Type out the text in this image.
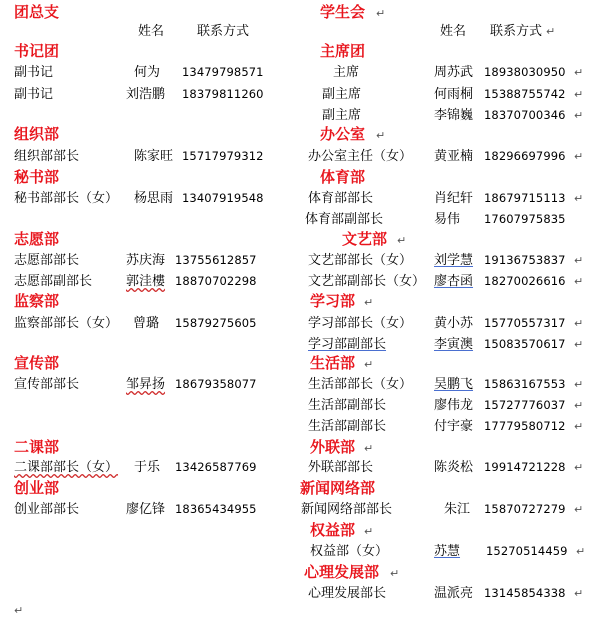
团总支
姓名	联系方式
书记团
副书记	何为 13479798571
副书记	刘浩鹏 18379811260
组织部
组织部部长	陈家旺 15717979312
秘书部
秘书部部长（女） 杨思雨 13407919548
志愿部
志愿部部长	苏庆海 13755612857
志愿部副部长	郭洼樓 18870702298
监察部
监察部部长（女） 曾璐 15879275605
宣传部
宣传部部长	邹昇扬 18679358077
二课部
二课部部长（女） 于乐 13426587769
创业部
创业部部长	廖亿锋 18365434955
学生会 ↵
姓名 联系方式 ↵
主席团
主席	周苏武 18938030950 ↵
副主席	何雨桐 15388755742 ↵
副主席	李锦巍 18370700346 ↵
办公室 ↵
办公室主任（女） 黄亚楠 18296697996 ↵
体育部
体育部部长	肖纪轩 18679715113 ↵
体育部副部长	易伟 17607975835
文艺部 ↵
文艺部部长（女） 刘学慧 19136753837 ↵
文艺部副部长（女） 廖杏函 18270026616 ↵
学习部 ↵
学习部部长（女） 黄小苏 15770557317 ↵
学习部副部长	李寅澳 15083570617 ↵
生活部 ↵
生活部部长（女） 吴鹏飞 15863167553 ↵
生活部副部长	廖伟龙 15727776037 ↵
生活部副部长	付宇豪 17779580712 ↵
外联部 ↵
外联部部长	陈炎松 19914721228 ↵
新闻网络部
新闻网络部部长	朱江 15870727279 ↵
权益部 ↵
权益部（女）	苏慧 15270514459 ↵
心理发展部 ↵
心理发展部长	温派亮 13145854338 ↵
↵
